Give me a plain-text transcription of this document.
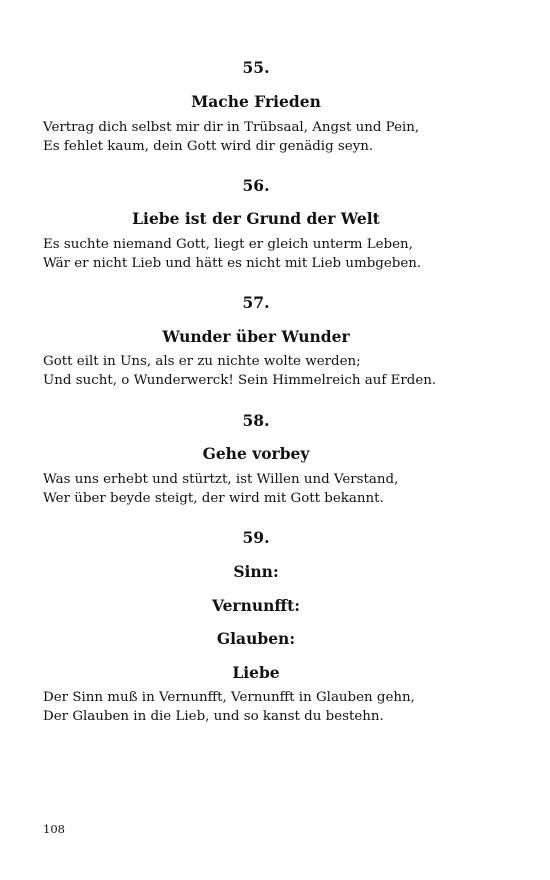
55.
Mache Frieden
Vertrag dich selbst mir dir in Trübsaal, Angst und Pein,
Es fehlet kaum, dein Gott wird dir genädig seyn.
56.
Liebe ist der Grund der Welt
Es suchte niemand Gott, liegt er gleich unterm Leben,
Wär er nicht Lieb und hätt es nicht mit Lieb umbgeben.
57.
Wunder über Wunder
Gott eilt in Uns, als er zu nichte wolte werden;
Und sucht, o Wunderwerck! Sein Himmelreich auf Erden.
58.
Gehe vorbey
Was uns erhebt und stürtzt, ist Willen und Verstand,
Wer über beyde steigt, der wird mit Gott bekannt.
59.
Sinn:
Vernunfft:
Glauben:
Liebe
Der Sinn muß in Vernunfft, Vernunfft in Glauben gehn,
Der Glauben in die Lieb, und so kanst du bestehn.
108
